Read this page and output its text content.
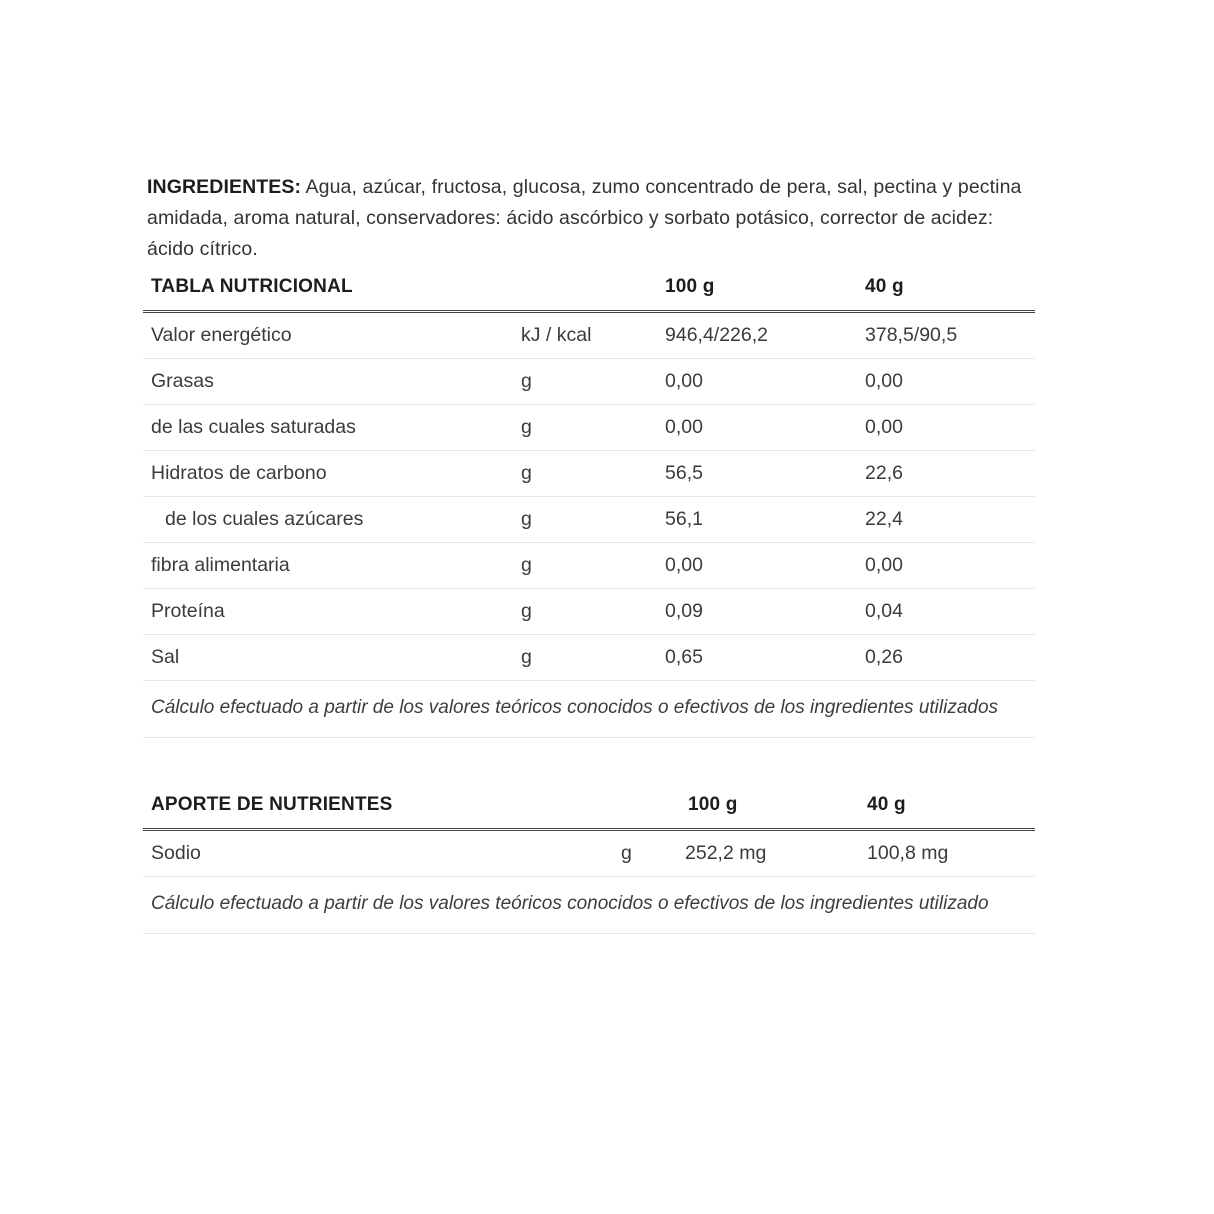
INGREDIENTES: Agua, azúcar, fructosa, glucosa, zumo concentrado de pera, sal, pectina y pectina amidada, aroma natural, conservadores: ácido ascórbico y sorbato potásico, corrector de acidez: ácido cítrico.

TABLA NUTRICIONAL		100 g	40 g
Valor energético	kJ / kcal	946,4/226,2	378,5/90,5
Grasas	g	0,00	0,00
de las cuales saturadas	g	0,00	0,00
Hidratos de carbono	g	56,5	22,6
de los cuales azúcares	g	56,1	22,4
fibra alimentaria	g	0,00	0,00
Proteína	g	0,09	0,04
Sal	g	0,65	0,26
Cálculo efectuado a partir de los valores teóricos conocidos o efectivos de los ingredientes utilizados			
APORTE DE NUTRIENTES		100 g	40 g
Sodio	g	252,2 mg	100,8 mg
Cálculo efectuado a partir de los valores teóricos conocidos o efectivos de los ingredientes utilizado			
